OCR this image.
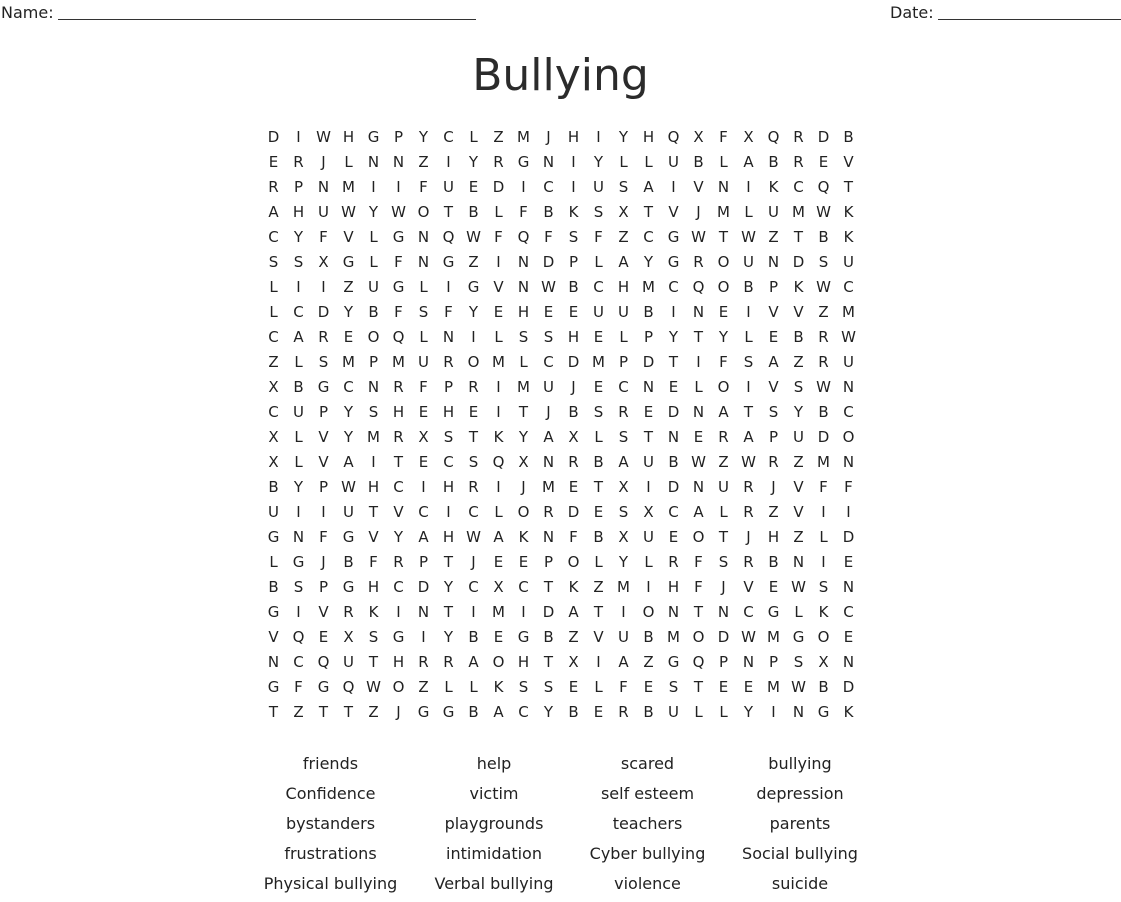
Name:	Date:
Bullying
D	I	W H G P	Y	C	L	Z M	J	H	I	Y H Q X	F	X Q R D B
E	R	J	L	N N Z	I	Y	R G N	I	Y	L	L	U B	L	A B R	E	V
R	P N M	I	I	F	U E D	I	C	I	U S	A	I	V N	I	K C Q T
A H U W Y W O T	B	L	F	B K	S	X	T	V	J	M L	U M W K
C	Y	F	V	L	G N Q W F Q F	S	F	Z C G W T W Z	T	B K
S	S	X G	L	F	N G Z	I	N D P	L	A	Y G R O U N D S U
L	I	I	Z U G	L	I	G V N W B C H M C Q O B	P	K W C
L	C D Y	B	F	S	F	Y	E H E	E U U B	I	N E	I	V V Z M
C A R	E O Q L	N	I	L	S	S H E	L	P	Y	T	Y	L	E	B R W
Z	L	S M P M U R O M L	C D M P D T	I	F	S	A Z R U
X B G C N R	F	P	R	I	M U	J	E	C N E	L O	I	V	S W N
C U P	Y	S H E H E	I	T	J	B	S	R	E D N A	T	S	Y	B C
X	L	V	Y M R X	S	T	K	Y	A X	L	S	T N E	R A	P U D O
X	L	V A	I	T	E	C	S Q X N R B A U B W Z W R Z M N
B	Y	P W H C	I	H R	I	J	M E	T	X	I	D N U R	J	V	F	F
U	I	I	U T	V C	I	C	L O R D E	S	X C A	L	R Z V	I	I
G N	F G V	Y	A H W A K N	F	B X U E O T	J	H Z	L	D
L	G	J	B	F	R	P	T	J	E	E	P O L	Y	L	R	F	S	R B N	I	E
B	S	P G H C D Y	C X C	T	K Z M	I	H	F	J	V	E W S N
G	I	V R K	I	N T	I	M	I	D A	T	I	O N T N C G	L	K C
V Q E	X	S G	I	Y	B	E G B Z V U B M O D W M G O E
N C Q U T H R R A O H T	X	I	A Z G Q P N P	S	X N
G F G Q W O Z	L	L	K	S	S	E	L	F	E	S	T	E	E M W B D
T	Z	T	T	Z	J	G G B A C	Y	B	E	R B U	L	L	Y	I	N G K
friends	help	scared	bullying
Confidence	victim	self esteem	depression
bystanders	playgrounds	teachers	parents
frustrations	intimidation	Cyber bullying	Social bullying
Physical bullying	Verbal bullying	violence	suicide
